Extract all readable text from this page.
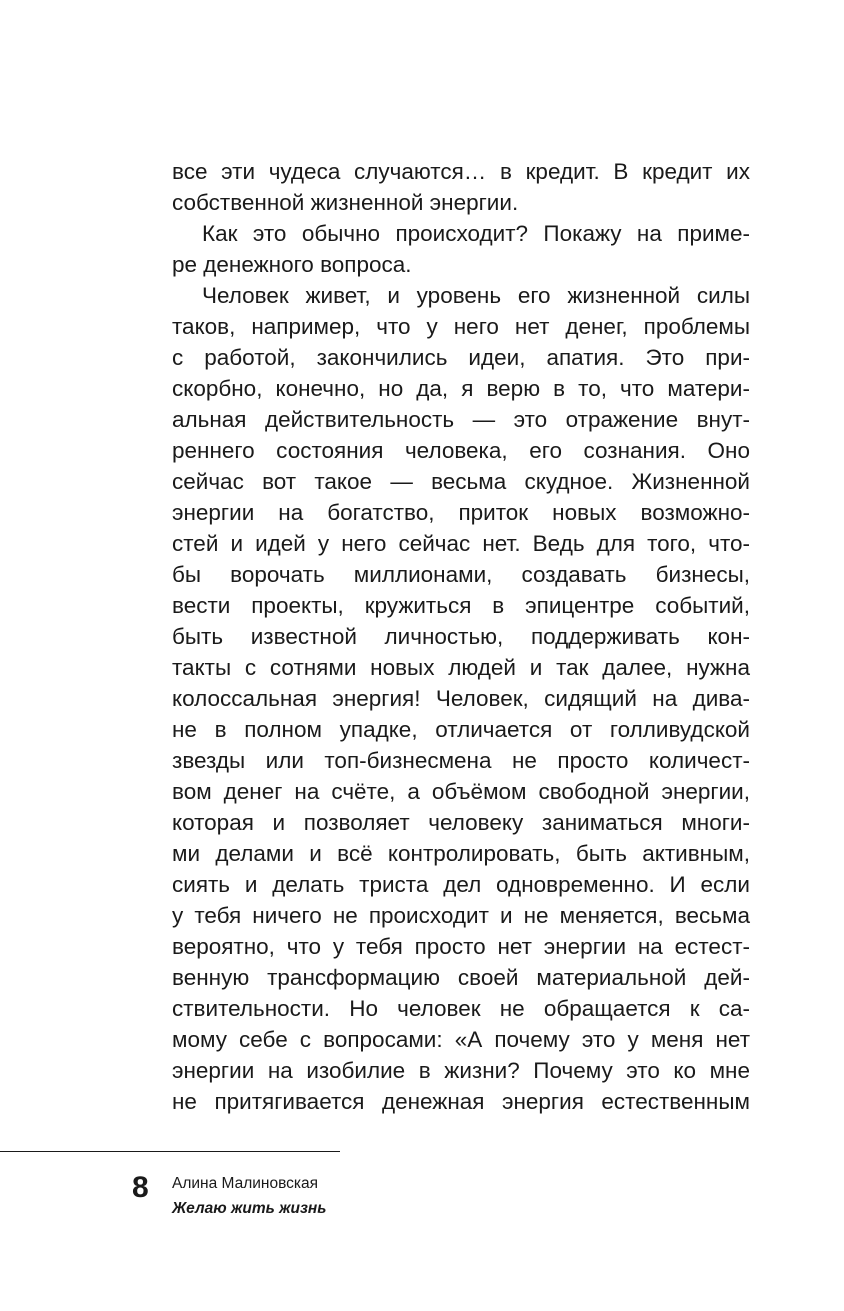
все эти чудеса случаются… в кредит. В кредит их
собственной жизненной энергии.
Как это обычно происходит? Покажу на приме-
ре денежного вопроса.
Человек живет, и уровень его жизненной силы
таков, например, что у него нет денег, проблемы
с работой, закончились идеи, апатия. Это при-
скорбно, конечно, но да, я верю в то, что матери-
альная действительность — это отражение внут-
реннего состояния человека, его сознания. Оно
сейчас вот такое — весьма скудное. Жизненной
энергии на богатство, приток новых возможно-
стей и идей у него сейчас нет. Ведь для того, что-
бы ворочать миллионами, создавать бизнесы,
вести проекты, кружиться в эпицентре событий,
быть известной личностью, поддерживать кон-
такты с сотнями новых людей и так далее, нужна
колоссальная энергия! Человек, сидящий на дива-
не в полном упадке, отличается от голливудской
звезды или топ-бизнесмена не просто количест-
вом денег на счёте, а объёмом свободной энергии,
которая и позволяет человеку заниматься многи-
ми делами и всё контролировать, быть активным,
сиять и делать триста дел одновременно. И если
у тебя ничего не происходит и не меняется, весьма
вероятно, что у тебя просто нет энергии на естест-
венную трансформацию своей материальной дей-
ствительности. Но человек не обращается к са-
мому себе с вопросами: «А почему это у меня нет
энергии на изобилие в жизни? Почему это ко мне
не притягивается денежная энергия естественным
8 Алина Малиновская
Желаю жить жизнь
